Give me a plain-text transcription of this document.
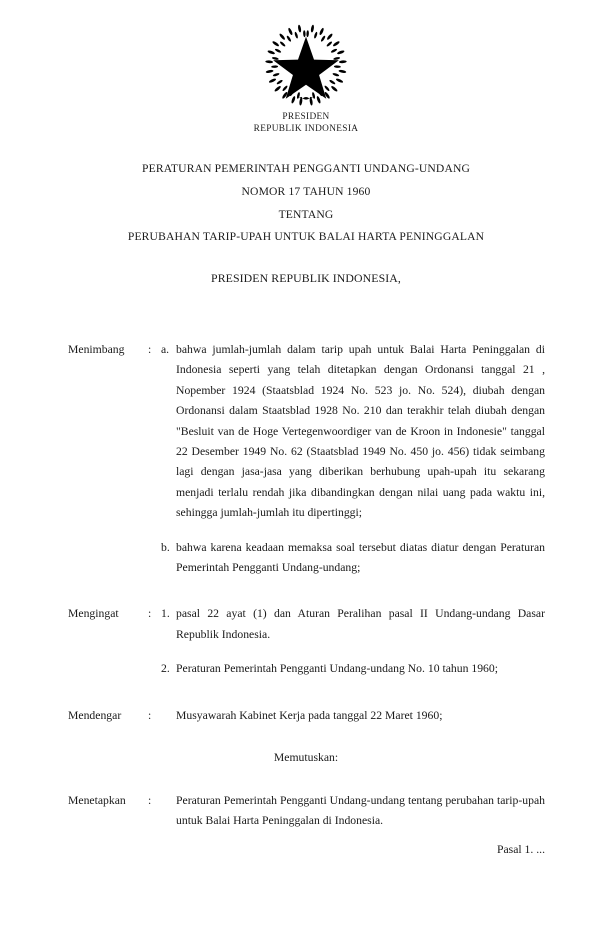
PRESIDEN
REPUBLIK INDONESIA
PERATURAN PEMERINTAH PENGGANTI UNDANG-UNDANG
NOMOR 17 TAHUN 1960
TENTANG
PERUBAHAN TARIP-UPAH UNTUK BALAI HARTA PENINGGALAN
PRESIDEN REPUBLIK INDONESIA,
Menimbang	: a. bahwa jumlah-jumlah dalam tarip upah untuk Balai Harta Peninggalan di Indonesia seperti yang telah ditetapkan dengan Ordonansi tanggal 21 , Nopember 1924 (Staatsblad 1924 No. 523 jo. No. 524), diubah dengan Ordonansi dalam Staatsblad 1928 No. 210 dan terakhir telah diubah dengan "Besluit van de Hoge Vertegenwoordiger van de Kroon in Indonesie" tanggal 22 Desember 1949 No. 62 (Staatsblad 1949 No. 450 jo. 456) tidak seimbang lagi dengan jasa-jasa yang diberikan berhubung upah-upah itu sekarang menjadi terlalu rendah jika dibandingkan dengan nilai uang pada waktu ini, sehingga jumlah-jumlah itu dipertinggi;
b. bahwa karena keadaan memaksa soal tersebut diatas diatur dengan Peraturan Pemerintah Pengganti Undang-undang;
Mengingat	: 1. pasal 22 ayat (1) dan Aturan Peralihan pasal II Undang-undang Dasar Republik Indonesia.
2. Peraturan Pemerintah Pengganti Undang-undang No. 10 tahun 1960;
Mendengar	:	Musyawarah Kabinet Kerja pada tanggal 22 Maret 1960;
Memutuskan:
Menetapkan	:	Peraturan Pemerintah Pengganti Undang-undang tentang perubahan tarip-upah untuk Balai Harta Peninggalan di Indonesia.
Pasal 1. ...
